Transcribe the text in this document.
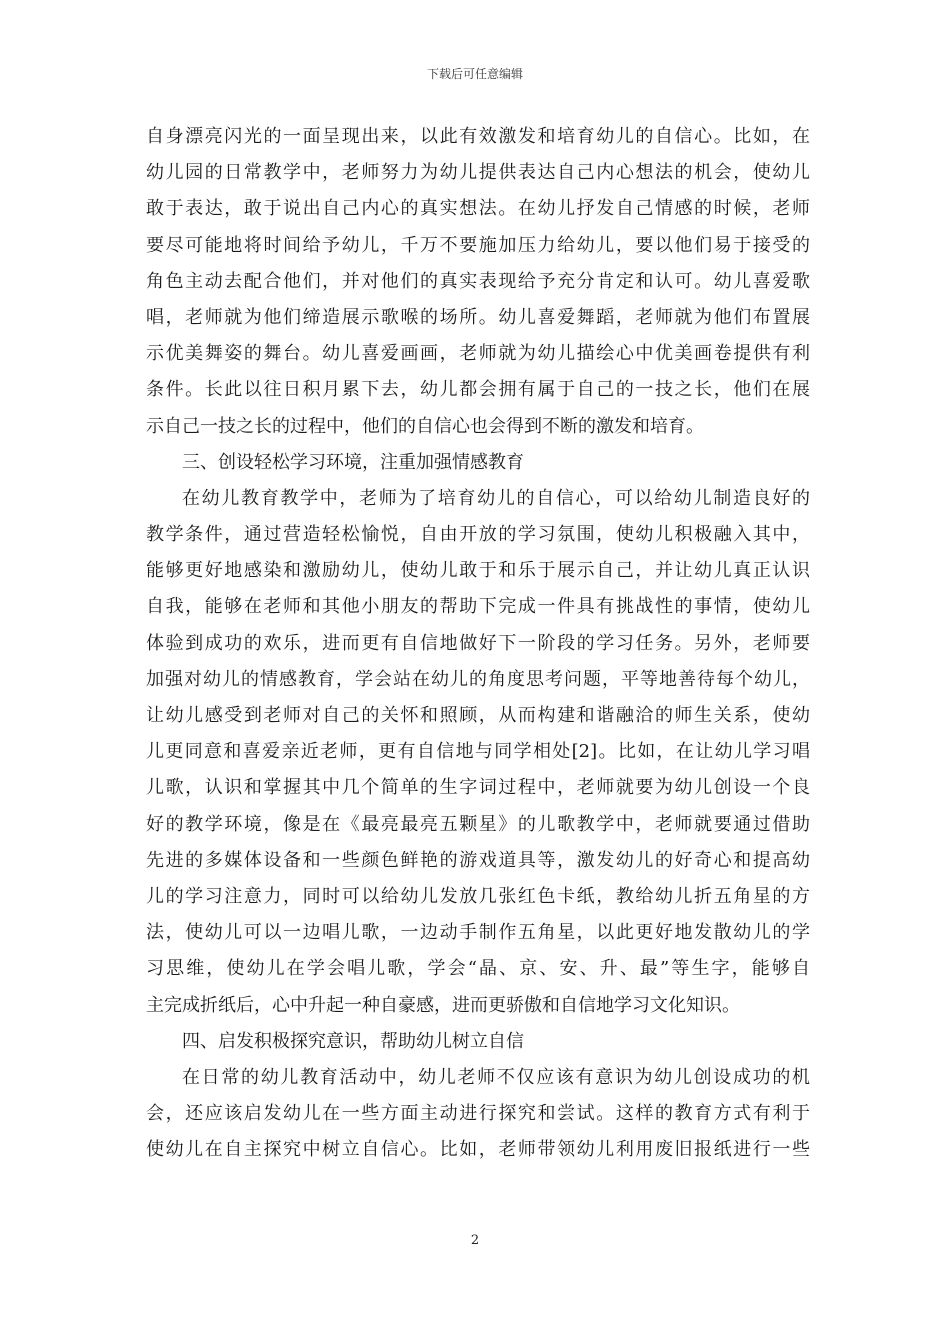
下载后可任意编辑
自身漂亮闪光的一面呈现出来，以此有效激发和培育幼儿的自信心。比如，在
幼儿园的日常教学中，老师努力为幼儿提供表达自己内心想法的机会，使幼儿
敢于表达，敢于说出自己内心的真实想法。在幼儿抒发自己情感的时候，老师
要尽可能地将时间给予幼儿，千万不要施加压力给幼儿，要以他们易于接受的
角色主动去配合他们，并对他们的真实表现给予充分肯定和认可。幼儿喜爱歌
唱，老师就为他们缔造展示歌喉的场所。幼儿喜爱舞蹈，老师就为他们布置展
示优美舞姿的舞台。幼儿喜爱画画，老师就为幼儿描绘心中优美画卷提供有利
条件。长此以往日积月累下去，幼儿都会拥有属于自己的一技之长，他们在展
示自己一技之长的过程中，他们的自信心也会得到不断的激发和培育。
三、创设轻松学习环境，注重加强情感教育
在幼儿教育教学中，老师为了培育幼儿的自信心，可以给幼儿制造良好的
教学条件，通过营造轻松愉悦，自由开放的学习氛围，使幼儿积极融入其中，
能够更好地感染和激励幼儿，使幼儿敢于和乐于展示自己，并让幼儿真正认识
自我，能够在老师和其他小朋友的帮助下完成一件具有挑战性的事情，使幼儿
体验到成功的欢乐，进而更有自信地做好下一阶段的学习任务。另外，老师要
加强对幼儿的情感教育，学会站在幼儿的角度思考问题，平等地善待每个幼儿，
让幼儿感受到老师对自己的关怀和照顾，从而构建和谐融洽的师生关系，使幼
儿更同意和喜爱亲近老师，更有自信地与同学相处[2]。比如，在让幼儿学习唱
儿歌，认识和掌握其中几个简单的生字词过程中，老师就要为幼儿创设一个良
好的教学环境，像是在《最亮最亮五颗星》的儿歌教学中，老师就要通过借助
先进的多媒体设备和一些颜色鲜艳的游戏道具等，激发幼儿的好奇心和提高幼
儿的学习注意力，同时可以给幼儿发放几张红色卡纸，教给幼儿折五角星的方
法，使幼儿可以一边唱儿歌，一边动手制作五角星，以此更好地发散幼儿的学
习思维，使幼儿在学会唱儿歌，学会“晶、京、安、升、最”等生字，能够自
主完成折纸后，心中升起一种自豪感，进而更骄傲和自信地学习文化知识。
四、启发积极探究意识，帮助幼儿树立自信
在日常的幼儿教育活动中，幼儿老师不仅应该有意识为幼儿创设成功的机
会，还应该启发幼儿在一些方面主动进行探究和尝试。这样的教育方式有利于
使幼儿在自主探究中树立自信心。比如，老师带领幼儿利用废旧报纸进行一些
2
